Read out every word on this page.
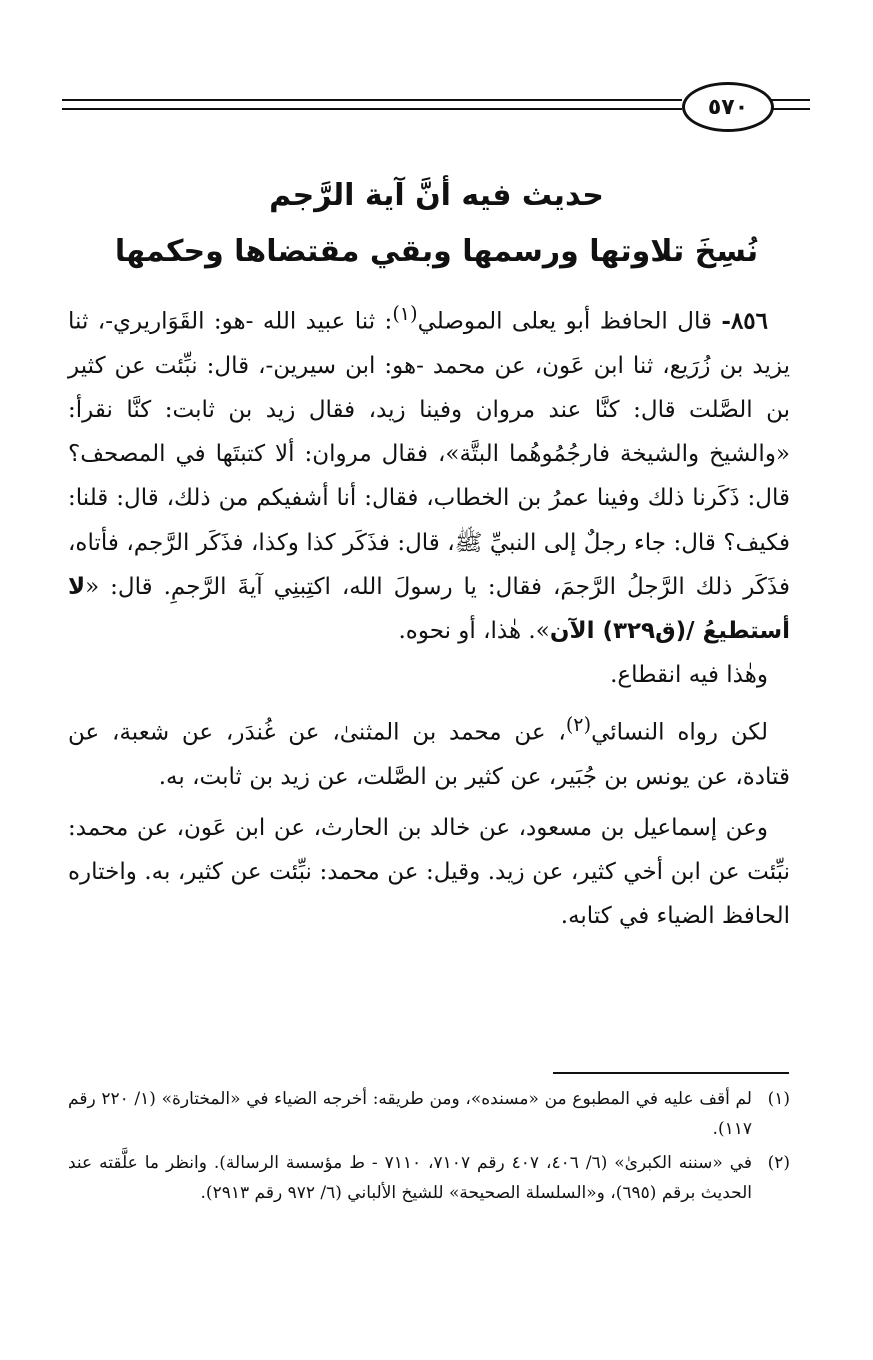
٥٧٠
حديث فيه أنَّ آية الرَّجم
نُسِخَ تلاوتها ورسمها وبقي مقتضاها وحكمها

٨٥٦- قال الحافظ أبو يعلى الموصلي$^{(١)}$: ثنا عبيد الله -هو: القَوَاريري-، ثنا يزيد بن زُرَيع، ثنا ابن عَون، عن محمد -هو: ابن سيرين-، قال: نبِّئت عن كثير بن الصَّلت قال: كنَّا عند مروان وفينا زيد، فقال زيد بن ثابت: كنَّا نقرأ: «والشيخ والشيخة فارجُمُوهُما البتَّة»، فقال مروان: ألا كتبتَها في المصحف؟ قال: ذَكَرنا ذلك وفينا عمرُ بن الخطاب، فقال: أنا أشفيكم من ذلك، قال: قلنا: فكيف؟ قال: جاء رجلٌ إلى النبيِّ ﷺ، قال: فذَكَر كذا وكذا، فذَكَر الرَّجم، فأتاه، فذَكَر ذلك الرَّجلُ الرَّجمَ، فقال: يا رسولَ الله، اكتِبنِي آيةَ الرَّجمِ. قال: «لا أستطيعُ /(ق٣٢٩) الآن». هٰذا، أو نحوه.

وهٰذا فيه انقطاع.

لكن رواه النسائي$^{(٢)}$، عن محمد بن المثنىٰ، عن غُندَر، عن شعبة، عن قتادة، عن يونس بن جُبَير، عن كثير بن الصَّلت، عن زيد بن ثابت، به.

وعن إسماعيل بن مسعود، عن خالد بن الحارث، عن ابن عَون، عن محمد: نبِّئت عن ابن أخي كثير، عن زيد. وقيل: عن محمد: نبِّئت عن كثير، به. واختاره الحافظ الضياء في كتابه.

(١)
لم أقف عليه في المطبوع من «مسنده»، ومن طريقه: أخرجه الضياء في «المختارة» (١/ ٢٢٠ رقم ١١٧).
(٢)
في «سننه الكبرىٰ» (٦/ ٤٠٦، ٤٠٧ رقم ٧١٠٧، ٧١١٠ - ط مؤسسة الرسالة). وانظر ما علَّقته عند الحديث برقم (٦٩٥)، و«السلسلة الصحيحة» للشيخ الألباني (٦/ ٩٧٢ رقم ٢٩١٣).
